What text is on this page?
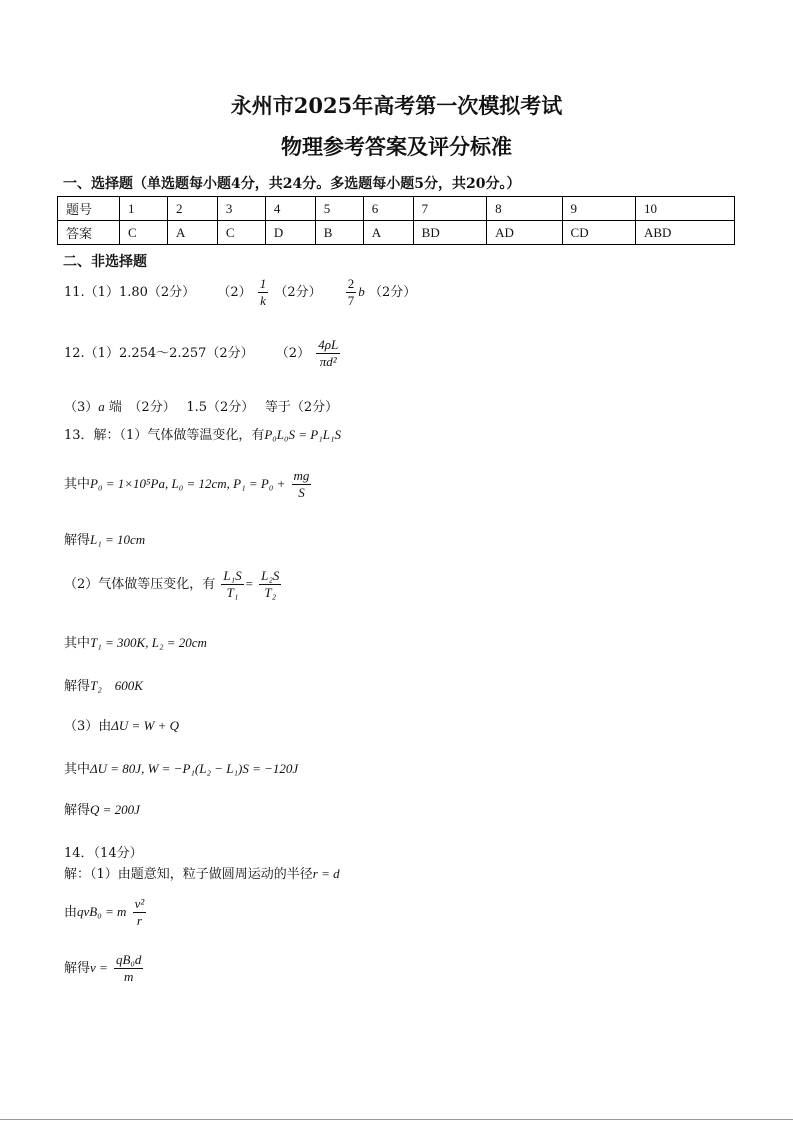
永州市2025年高考第一次模拟考试
物理参考答案及评分标准
一、选择题（单选题每小题4分，共24分。多选题每小题5分，共20分。）
题号	1	2	3	4	5	6	7	8	9	10
答案	C	A	C	D	B	A	BD	AD	CD	ABD
二、非选择题
11.（1）1.80（2分） $(2) \frac{1}{k} (2$分） $\frac{2}{7}$ b （2分）
12.（1）2.254～2.257（2分） $(2) \frac{4\rho L}{\text{πd²}}$
（3）a 端　（2分）　 1.5（2分）　 等于（2分）
13．解：（1）气体做等温变化，有P₀L₀S = P₁L₁S
其中P₀ = 1×10⁵Pa, L₀ = 12cm, $P_1 = P_0 + \frac{mg}{S}$
解得L₁ = 10cm
（2）气体做等压变化，有 $\frac{\text{L₁S}}{\text{T₁}} = \frac{\text{L₂S}}{\text{T₂}}$
其中T₁ = 300K, L₂ = 20cm
解得T₂　600K
（3）由ΔU = W + Q
其中ΔU = 80J, W = −P₁(L₂ − L₁)S = −120J
解得Q = 200J
14．（14分）
解：（1）由题意知，粒子做圆周运动的半径r = d
由qvB₀ = m $\frac{\text{v²}}{r}$
解得$v = \frac{\text{qB₀d}}{m}$
